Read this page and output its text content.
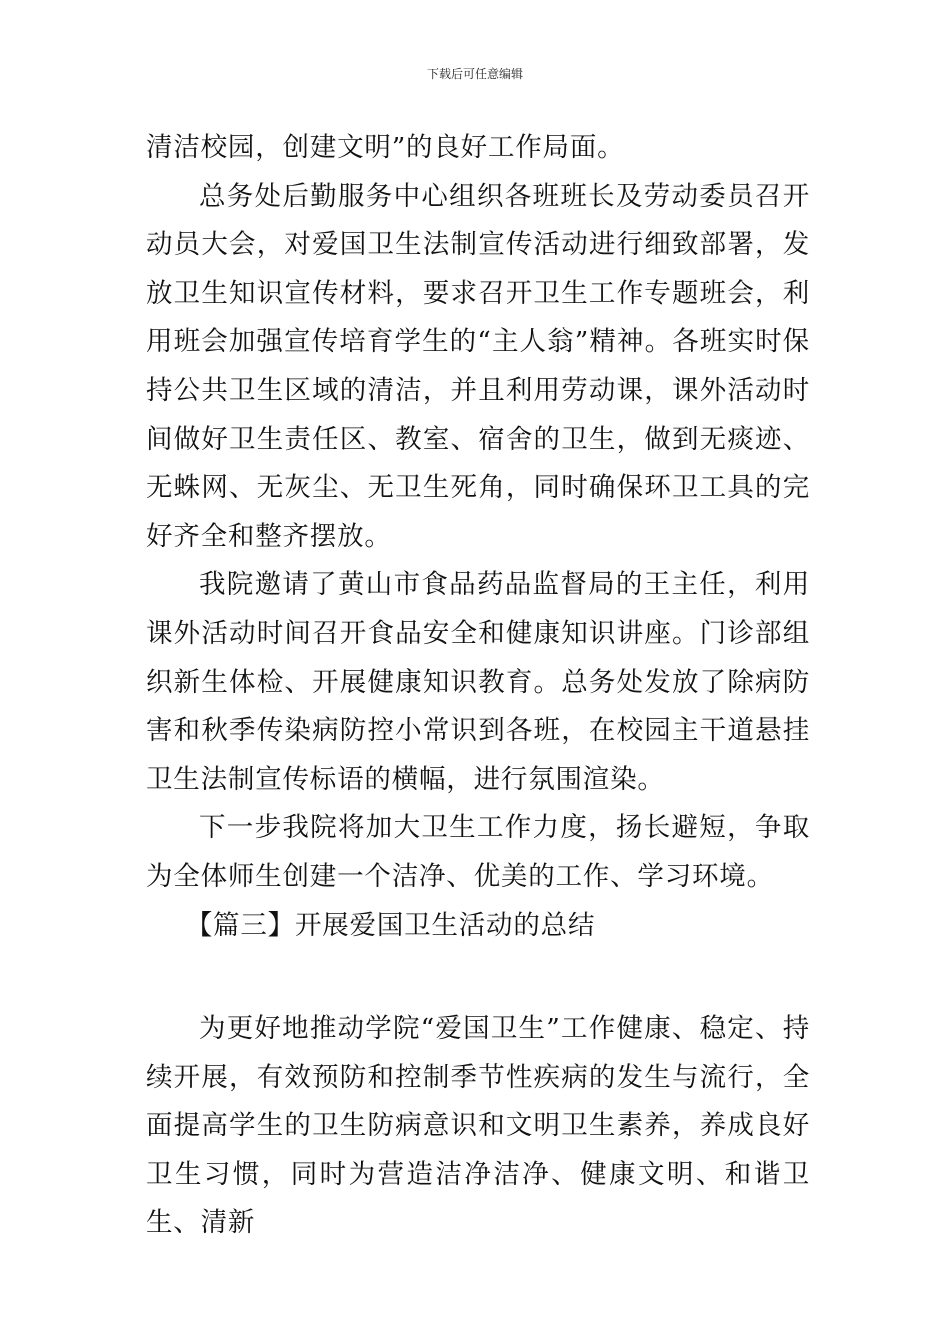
下载后可任意编辑

清洁校园，创建文明”的良好工作局面。

总务处后勤服务中心组织各班班长及劳动委员召开动员大会，对爱国卫生法制宣传活动进行细致部署，发放卫生知识宣传材料，要求召开卫生工作专题班会，利用班会加强宣传培育学生的“主人翁”精神。各班实时保持公共卫生区域的清洁，并且利用劳动课，课外活动时间做好卫生责任区、教室、宿舍的卫生，做到无痰迹、无蛛网、无灰尘、无卫生死角，同时确保环卫工具的完好齐全和整齐摆放。

我院邀请了黄山市食品药品监督局的王主任，利用课外活动时间召开食品安全和健康知识讲座。门诊部组织新生体检、开展健康知识教育。总务处发放了除病防害和秋季传染病防控小常识到各班，在校园主干道悬挂卫生法制宣传标语的横幅，进行氛围渲染。

下一步我院将加大卫生工作力度，扬长避短，争取为全体师生创建一个洁净、优美的工作、学习环境。

【篇三】开展爱国卫生活动的总结

为更好地推动学院“爱国卫生”工作健康、稳定、持续开展，有效预防和控制季节性疾病的发生与流行，全面提高学生的卫生防病意识和文明卫生素养，养成良好卫生习惯，同时为营造洁净洁净、健康文明、和谐卫生、清新
